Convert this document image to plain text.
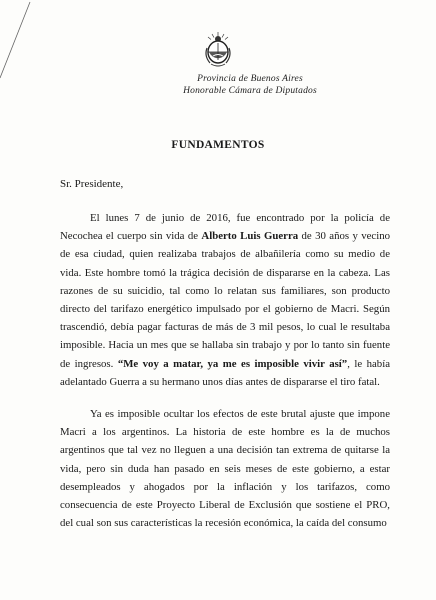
Provincia de Buenos Aires
Honorable Cámara de Diputados
FUNDAMENTOS
Sr. Presidente,

El lunes 7 de junio de 2016, fue encontrado por la policía de Necochea el cuerpo sin vida de Alberto Luis Guerra de 30 años y vecino de esa ciudad, quien realizaba trabajos de albañilería como su medio de vida. Este hombre tomó la trágica decisión de dispararse en la cabeza. Las razones de su suicidio, tal como lo relatan sus familiares, son producto directo del tarifazo energético impulsado por el gobierno de Macri. Según trascendió, debía pagar facturas de más de 3 mil pesos, lo cual le resultaba imposible. Hacia un mes que se hallaba sin trabajo y por lo tanto sin fuente de ingresos. “Me voy a matar, ya me es imposible vivir así”, le había adelantado Guerra a su hermano unos días antes de dispararse el tiro fatal.

Ya es imposible ocultar los efectos de este brutal ajuste que impone Macri a los argentinos. La historia de este hombre es la de muchos argentinos que tal vez no lleguen a una decisión tan extrema de quitarse la vida, pero sin duda han pasado en seis meses de este gobierno, a estar desempleados y ahogados por la inflación y los tarifazos, como consecuencia de este Proyecto Liberal de Exclusión que sostiene el PRO, del cual son sus características la recesión económica, la caída del consumo
